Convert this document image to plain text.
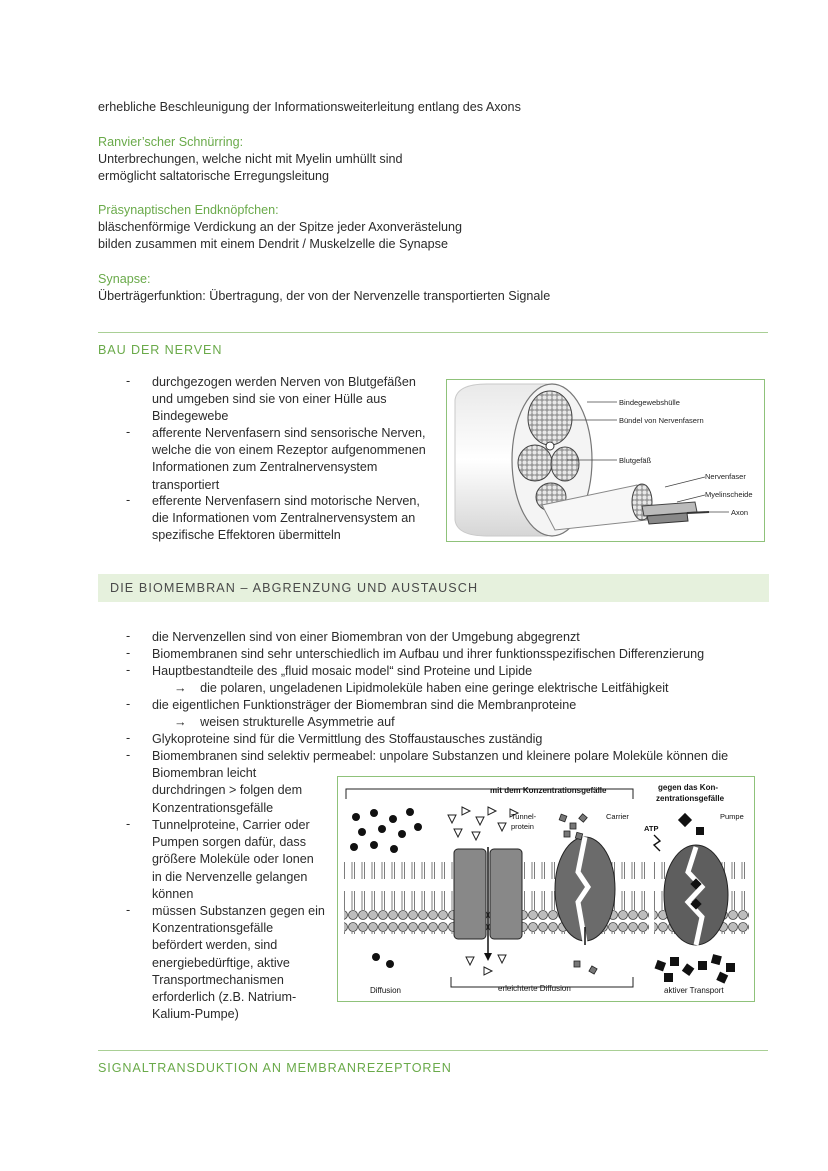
erhebliche Beschleunigung der Informationsweiterleitung entlang des Axons
Ranvier’scher Schnürring:
Unterbrechungen, welche nicht mit Myelin umhüllt sind
ermöglicht saltatorische Erregungsleitung
Präsynaptischen Endknöpfchen:
bläschenförmige Verdickung an der Spitze jeder Axonverästelung
bilden zusammen mit einem Dendrit / Muskelzelle die Synapse
Synapse:
Überträgerfunktion: Übertragung, der von der Nervenzelle transportierten Signale
BAU DER NERVEN
- durchgezogen werden Nerven von Blutgefäßen
und umgeben sind sie von einer Hülle aus
Bindegewebe
- afferente Nervenfasern sind sensorische Nerven,
welche die von einem Rezeptor aufgenommenen
Informationen zum Zentralnervensystem
transportiert
- efferente Nervenfasern sind motorische Nerven,
die Informationen vom Zentralnervensystem an
spezifische Effektoren übermitteln
Bindegewebshülle
Bündel von Nervenfasern
Blutgefäß
Nervenfaser
Myelinscheide
Axon
DIE BIOMEMBRAN – ABGRENZUNG UND AUSTAUSCH
- die Nervenzellen sind von einer Biomembran von der Umgebung abgegrenzt
- Biomembranen sind sehr unterschiedlich im Aufbau und ihrer funktionsspezifischen Differenzierung
- Hauptbestandteile des „fluid mosaic model“ sind Proteine und Lipide
→ die polaren, ungeladenen Lipidmoleküle haben eine geringe elektrische Leitfähigkeit
- die eigentlichen Funktionsträger der Biomembran sind die Membranproteine
→ weisen strukturelle Asymmetrie auf
- Glykoproteine sind für die Vermittlung des Stoffaustausches zuständig
- Biomembranen sind selektiv permeabel: unpolare Substanzen und kleinere polare Moleküle können die
Biomembran leicht
durchdringen > folgen dem
Konzentrationsgefälle
- Tunnelproteine, Carrier oder
Pumpen sorgen dafür, dass
größere Moleküle oder Ionen
in die Nervenzelle gelangen
können
- müssen Substanzen gegen ein
Konzentrationsgefälle
befördert werden, sind
energiebedürftige, aktive
Transportmechanismen
erforderlich (z.B. Natrium-
Kalium-Pumpe)
mit dem Konzentrationsgefälle	gegen das Kon-
zentrationsgefälle
Diffusion
Tunnel-
protein
Carrier
erleichterte Diffusion
ATP
Pumpe
aktiver Transport
SIGNALTRANSDUKTION AN MEMBRANREZEPTOREN
